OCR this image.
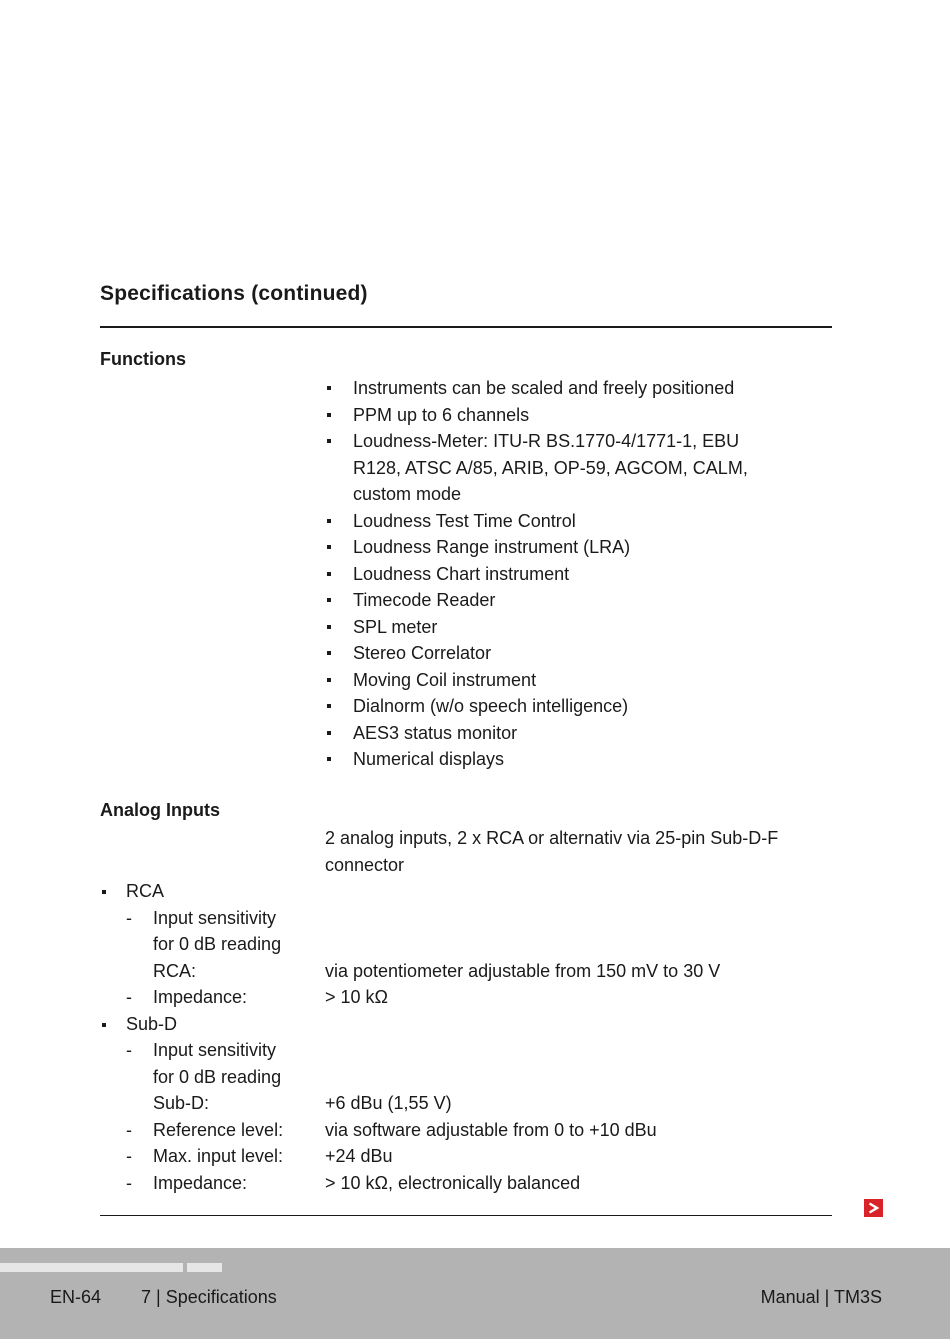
Specifications (continued)
Functions
Instruments can be scaled and freely positioned
PPM up to 6 channels
Loudness-Meter: ITU-R BS.1770-4/1771-1, EBU
R128, ATSC A/85, ARIB, OP-59, AGCOM, CALM,
custom mode
Loudness Test Time Control
Loudness Range instrument (LRA)
Loudness Chart instrument
Timecode Reader
SPL meter
Stereo Correlator
Moving Coil instrument
Dialnorm (w/o speech intelligence)
AES3 status monitor
Numerical displays
Analog Inputs
2 analog inputs, 2 x RCA or alternativ via 25-pin Sub-D-F
connector
RCA
- Input sensitivity
for 0 dB reading
RCA:	via potentiometer adjustable from 150 mV to 30 V
- Impedance:	> 10 kΩ
Sub-D
- Input sensitivity
for 0 dB reading
Sub-D:	+6 dBu (1,55 V)
- Reference level: via software adjustable from 0 to +10 dBu
- Max. input level: +24 dBu
- Impedance:	> 10 kΩ, electronically balanced
EN-64 7 | Specifications	Manual | TM3S
